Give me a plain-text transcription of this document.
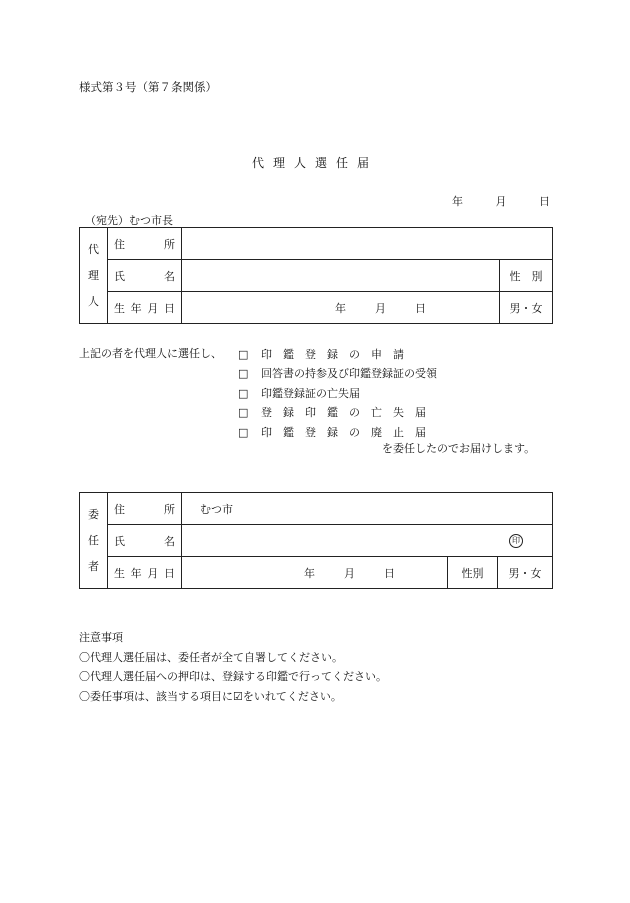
様式第３号（第７条関係）
代理人選任届
年	月	日
（宛先）むつ市長
代
理
人	住 所		

	氏 名		性　別

	生 年 月 日	年 月 日	男・女
上記の者を代理人に選任し、 □	印　鑑　登　録　の　申　請
□	回答書の持参及び印鑑登録証の受領
□	印鑑登録証の亡失届
□	登　録　印　鑑　の　亡　失　届
□	印　鑑　登　録　の　廃　止　届
を委任したのでお届けします。
委
任
者	住 所	むつ市		

	氏 名	印		

	生 年 月 日	年 月 日	性別	男・女
注意事項
〇代理人選任届は、委任者が全て自署してください。
〇代理人選任届への押印は、登録する印鑑で行ってください。
〇委任事項は、該当する項目に☑をいれてください。
